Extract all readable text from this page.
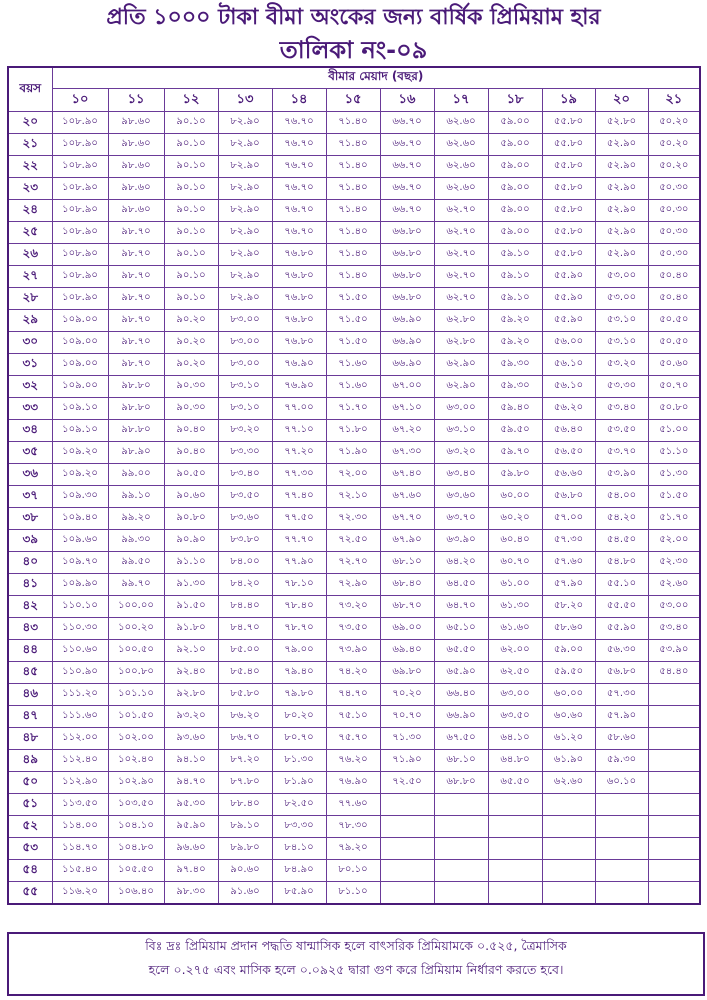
প্রতি ১০০০ টাকা বীমা অংকের জন্য বার্ষিক প্রিমিয়াম হার
তালিকা নং-০৯
বয়স	বীমার মেয়াদ (বছর)											
	১০	১১	১২	১৩	১৪	১৫	১৬	১৭	১৮	১৯	২০	২১
২০	১০৮.৯০	৯৮.৬০	৯০.১০	৮২.৯০	৭৬.৭০	৭১.৪০	৬৬.৭০	৬২.৬০	৫৯.০০	৫৫.৮০	৫২.৮০	৫০.২০
২১	১০৮.৯০	৯৮.৬০	৯০.১০	৮২.৯০	৭৬.৭০	৭১.৪০	৬৬.৭০	৬২.৬০	৫৯.০০	৫৫.৮০	৫২.৯০	৫০.২০
২২	১০৮.৯০	৯৮.৬০	৯০.১০	৮২.৯০	৭৬.৭০	৭১.৪০	৬৬.৭০	৬২.৬০	৫৯.০০	৫৫.৮০	৫২.৯০	৫০.২০
২৩	১০৮.৯০	৯৮.৬০	৯০.১০	৮২.৯০	৭৬.৭০	৭১.৪০	৬৬.৭০	৬২.৬০	৫৯.০০	৫৫.৮০	৫২.৯০	৫০.৩০
২৪	১০৮.৯০	৯৮.৬০	৯০.১০	৮২.৯০	৭৬.৭০	৭১.৪০	৬৬.৭০	৬২.৭০	৫৯.০০	৫৫.৮০	৫২.৯০	৫০.৩০
২৫	১০৮.৯০	৯৮.৭০	৯০.১০	৮২.৯০	৭৬.৭০	৭১.৪০	৬৬.৮০	৬২.৭০	৫৯.০০	৫৫.৮০	৫২.৯০	৫০.৩০
২৬	১০৮.৯০	৯৮.৭০	৯০.১০	৮২.৯০	৭৬.৮০	৭১.৪০	৬৬.৮০	৬২.৭০	৫৯.১০	৫৫.৮০	৫২.৯০	৫০.৩০
২৭	১০৮.৯০	৯৮.৭০	৯০.১০	৮২.৯০	৭৬.৮০	৭১.৪০	৬৬.৮০	৬২.৭০	৫৯.১০	৫৫.৯০	৫৩.০০	৫০.৪০
২৮	১০৮.৯০	৯৮.৭০	৯০.১০	৮২.৯০	৭৬.৮০	৭১.৫০	৬৬.৮০	৬২.৭০	৫৯.১০	৫৫.৯০	৫৩.০০	৫০.৪০
২৯	১০৯.০০	৯৮.৭০	৯০.২০	৮৩.০০	৭৬.৮০	৭১.৫০	৬৬.৯০	৬২.৮০	৫৯.২০	৫৫.৯০	৫৩.১০	৫০.৫০
৩০	১০৯.০০	৯৮.৭০	৯০.২০	৮৩.০০	৭৬.৮০	৭১.৫০	৬৬.৯০	৬২.৮০	৫৯.২০	৫৬.০০	৫৩.১০	৫০.৫০
৩১	১০৯.০০	৯৮.৭০	৯০.২০	৮৩.০০	৭৬.৯০	৭১.৬০	৬৬.৯০	৬২.৯০	৫৯.৩০	৫৬.১০	৫৩.২০	৫০.৬০
৩২	১০৯.০০	৯৮.৮০	৯০.৩০	৮৩.১০	৭৬.৯০	৭১.৬০	৬৭.০০	৬২.৯০	৫৯.৩০	৫৬.১০	৫৩.৩০	৫০.৭০
৩৩	১০৯.১০	৯৮.৮০	৯০.৩০	৮৩.১০	৭৭.০০	৭১.৭০	৬৭.১০	৬৩.০০	৫৯.৪০	৫৬.২০	৫৩.৪০	৫০.৮০
৩৪	১০৯.১০	৯৮.৮০	৯০.৪০	৮৩.২০	৭৭.১০	৭১.৮০	৬৭.২০	৬৩.১০	৫৯.৫০	৫৬.৪০	৫৩.৫০	৫১.০০
৩৫	১০৯.২০	৯৮.৯০	৯০.৪০	৮৩.৩০	৭৭.২০	৭১.৯০	৬৭.৩০	৬৩.২০	৫৯.৭০	৫৬.৫০	৫৩.৭০	৫১.১০
৩৬	১০৯.২০	৯৯.০০	৯০.৫০	৮৩.৪০	৭৭.৩০	৭২.০০	৬৭.৪০	৬৩.৪০	৫৯.৮০	৫৬.৬০	৫৩.৯০	৫১.৩০
৩৭	১০৯.৩০	৯৯.১০	৯০.৬০	৮৩.৫০	৭৭.৪০	৭২.১০	৬৭.৬০	৬৩.৬০	৬০.০০	৫৬.৮০	৫৪.০০	৫১.৫০
৩৮	১০৯.৪০	৯৯.২০	৯০.৮০	৮৩.৬০	৭৭.৫০	৭২.৩০	৬৭.৭০	৬৩.৭০	৬০.২০	৫৭.০০	৫৪.২০	৫১.৭০
৩৯	১০৯.৬০	৯৯.৩০	৯০.৯০	৮৩.৮০	৭৭.৭০	৭২.৫০	৬৭.৯০	৬৩.৯০	৬০.৪০	৫৭.৩০	৫৪.৫০	৫২.০০
৪০	১০৯.৭০	৯৯.৫০	৯১.১০	৮৪.০০	৭৭.৯০	৭২.৭০	৬৮.১০	৬৪.২০	৬০.৭০	৫৭.৬০	৫৪.৮০	৫২.৩০
৪১	১০৯.৯০	৯৯.৭০	৯১.৩০	৮৪.২০	৭৮.১০	৭২.৯০	৬৮.৪০	৬৪.৫০	৬১.০০	৫৭.৯০	৫৫.১০	৫২.৬০
৪২	১১০.১০	১০০.০০	৯১.৫০	৮৪.৪০	৭৮.৪০	৭৩.২০	৬৮.৭০	৬৪.৭০	৬১.৩০	৫৮.২০	৫৫.৫০	৫৩.০০
৪৩	১১০.৩০	১০০.২০	৯১.৮০	৮৪.৭০	৭৮.৭০	৭৩.৫০	৬৯.০০	৬৫.১০	৬১.৬০	৫৮.৬০	৫৫.৯০	৫৩.৪০
৪৪	১১০.৬০	১০০.৫০	৯২.১০	৮৫.০০	৭৯.০০	৭৩.৯০	৬৯.৪০	৬৫.৫০	৬২.০০	৫৯.০০	৫৬.৩০	৫৩.৯০
৪৫	১১০.৯০	১০০.৮০	৯২.৪০	৮৫.৪০	৭৯.৪০	৭৪.২০	৬৯.৮০	৬৫.৯০	৬২.৫০	৫৯.৫০	৫৬.৮০	৫৪.৪০
৪৬	১১১.২০	১০১.১০	৯২.৮০	৮৫.৮০	৭৯.৮০	৭৪.৭০	৭০.২০	৬৬.৪০	৬৩.০০	৬০.০০	৫৭.৩০	
৪৭	১১১.৬০	১০১.৫০	৯৩.২০	৮৬.২০	৮০.২০	৭৫.১০	৭০.৭০	৬৬.৯০	৬৩.৫০	৬০.৬০	৫৭.৯০	
৪৮	১১২.০০	১০২.০০	৯৩.৬০	৮৬.৭০	৮০.৭০	৭৫.৭০	৭১.৩০	৬৭.৫০	৬৪.১০	৬১.২০	৫৮.৬০	
৪৯	১১২.৪০	১০২.৪০	৯৪.১০	৮৭.২০	৮১.৩০	৭৬.২০	৭১.৯০	৬৮.১০	৬৪.৮০	৬১.৯০	৫৯.৩০	
৫০	১১২.৯০	১০২.৯০	৯৪.৭০	৮৭.৮০	৮১.৯০	৭৬.৯০	৭২.৫০	৬৮.৮০	৬৫.৫০	৬২.৬০	৬০.১০	
৫১	১১৩.৫০	১০৩.৫০	৯৫.৩০	৮৮.৪০	৮২.৫০	৭৭.৬০						
৫২	১১৪.০০	১০৪.১০	৯৫.৯০	৮৯.১০	৮৩.৩০	৭৮.৩০						
৫৩	১১৪.৭০	১০৪.৮০	৯৬.৬০	৮৯.৮০	৮৪.১০	৭৯.২০						
৫৪	১১৫.৪০	১০৫.৫০	৯৭.৪০	৯০.৬০	৮৪.৯০	৮০.১০						
৫৫	১১৬.২০	১০৬.৪০	৯৮.৩০	৯১.৬০	৮৫.৯০	৮১.১০						
বিঃ দ্রঃ প্রিমিয়াম প্রদান পদ্ধতি ষান্মাসিক হলে বাৎসরিক প্রিমিয়ামকে ০.৫২৫, ত্রৈমাসিক
হলে ০.২৭৫ এবং মাসিক হলে ০.০৯২৫ দ্বারা গুণ করে প্রিমিয়াম নির্ধারণ করতে হবে।
